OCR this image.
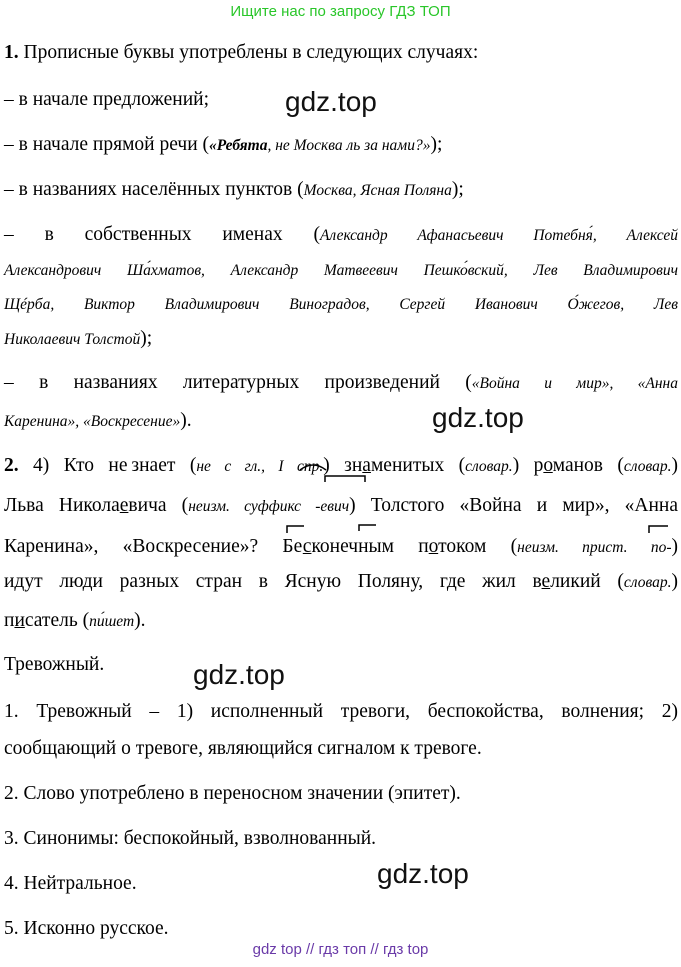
Ищите нас по запросу ГДЗ ТОП
1. Прописные буквы употреблены в следующих случаях:
– в начале предложений;
– в начале прямой речи («Ребята, не Москва ль за нами?»);
– в названиях населённых пунктов (Москва, Ясная Поляна);
– в собственных именах (Александр Афанасьевич Потебня́, Алексей
Александрович Ша́хматов, Александр Матвеевич Пешко́вский, Лев Владимирович
Щéрба, Виктор Владимирович Виноградов, Сергей Иванович О́жегов, Лев
Николаевич Толстой);
– в названиях литературных произведений («Война и мир», «Анна
Каренина», «Воскресение»).
2. 4) Кто не  знает (не с гл., I спр.) знаменитых (словар.) романов (словар.)
Льва Николаевича (неизм. суффикс -евич) Толстого «Война и мир», «Анна
Каренина», «Воскресение»? Бесконечным потоком (неизм. прист. по-)
идут люди разных стран в Ясную Поляну, где жил великий (словар.)
писатель (пи́шет).
Тревожный.
1. Тревожный – 1) исполненный тревоги, беспокойства, волнения; 2)
сообщающий о тревоге, являющийся сигналом к тревоге.
2. Слово употреблено в переносном значении (эпитет).
3. Синонимы: беспокойный, взволнованный.
4. Нейтральное.
5. Исконно русское.
gdz.top
gdz.top
gdz.top
gdz.top
gdz top // гдз топ // гдз top
